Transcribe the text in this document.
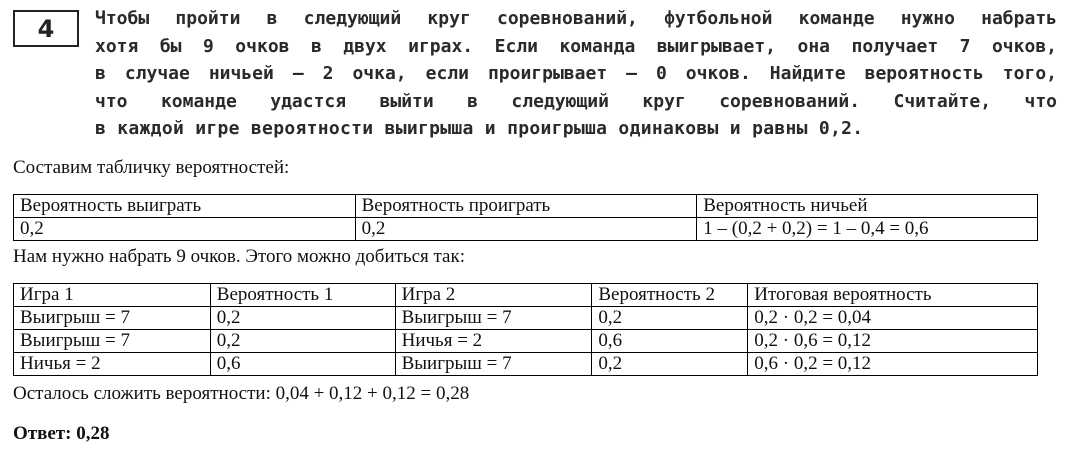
4 Чтобы пройти в следующий круг соревнований, футбольной команде нужно набрать
хотя бы 9 очков в двух играх. Если команда выигрывает, она получает 7 очков,
в случае ничьей — 2 очка, если проигрывает — 0 очков. Найдите вероятность того,
что команде удастся выйти в следующий круг соревнований. Считайте, что
в каждой игре вероятности выигрыша и проигрыша одинаковы и равны 0,2.
Составим табличку вероятностей:
Вероятность выиграть	Вероятность проиграть	Вероятность ничьей
0,2	0,2	1 – (0,2 + 0,2) = 1 – 0,4 = 0,6
Нам нужно набрать 9 очков. Этого можно добиться так:
Игра 1	Вероятность 1	Игра 2	Вероятность 2	Итоговая вероятность
Выигрыш = 7	0,2	Выигрыш = 7	0,2	0,2 · 0,2 = 0,04
Выигрыш = 7	0,2	Ничья = 2	0,6	0,2 · 0,6 = 0,12
Ничья = 2	0,6	Выигрыш = 7	0,2	0,6 · 0,2 = 0,12
Осталось сложить вероятности: 0,04 + 0,12 + 0,12 = 0,28
Ответ: 0,28
